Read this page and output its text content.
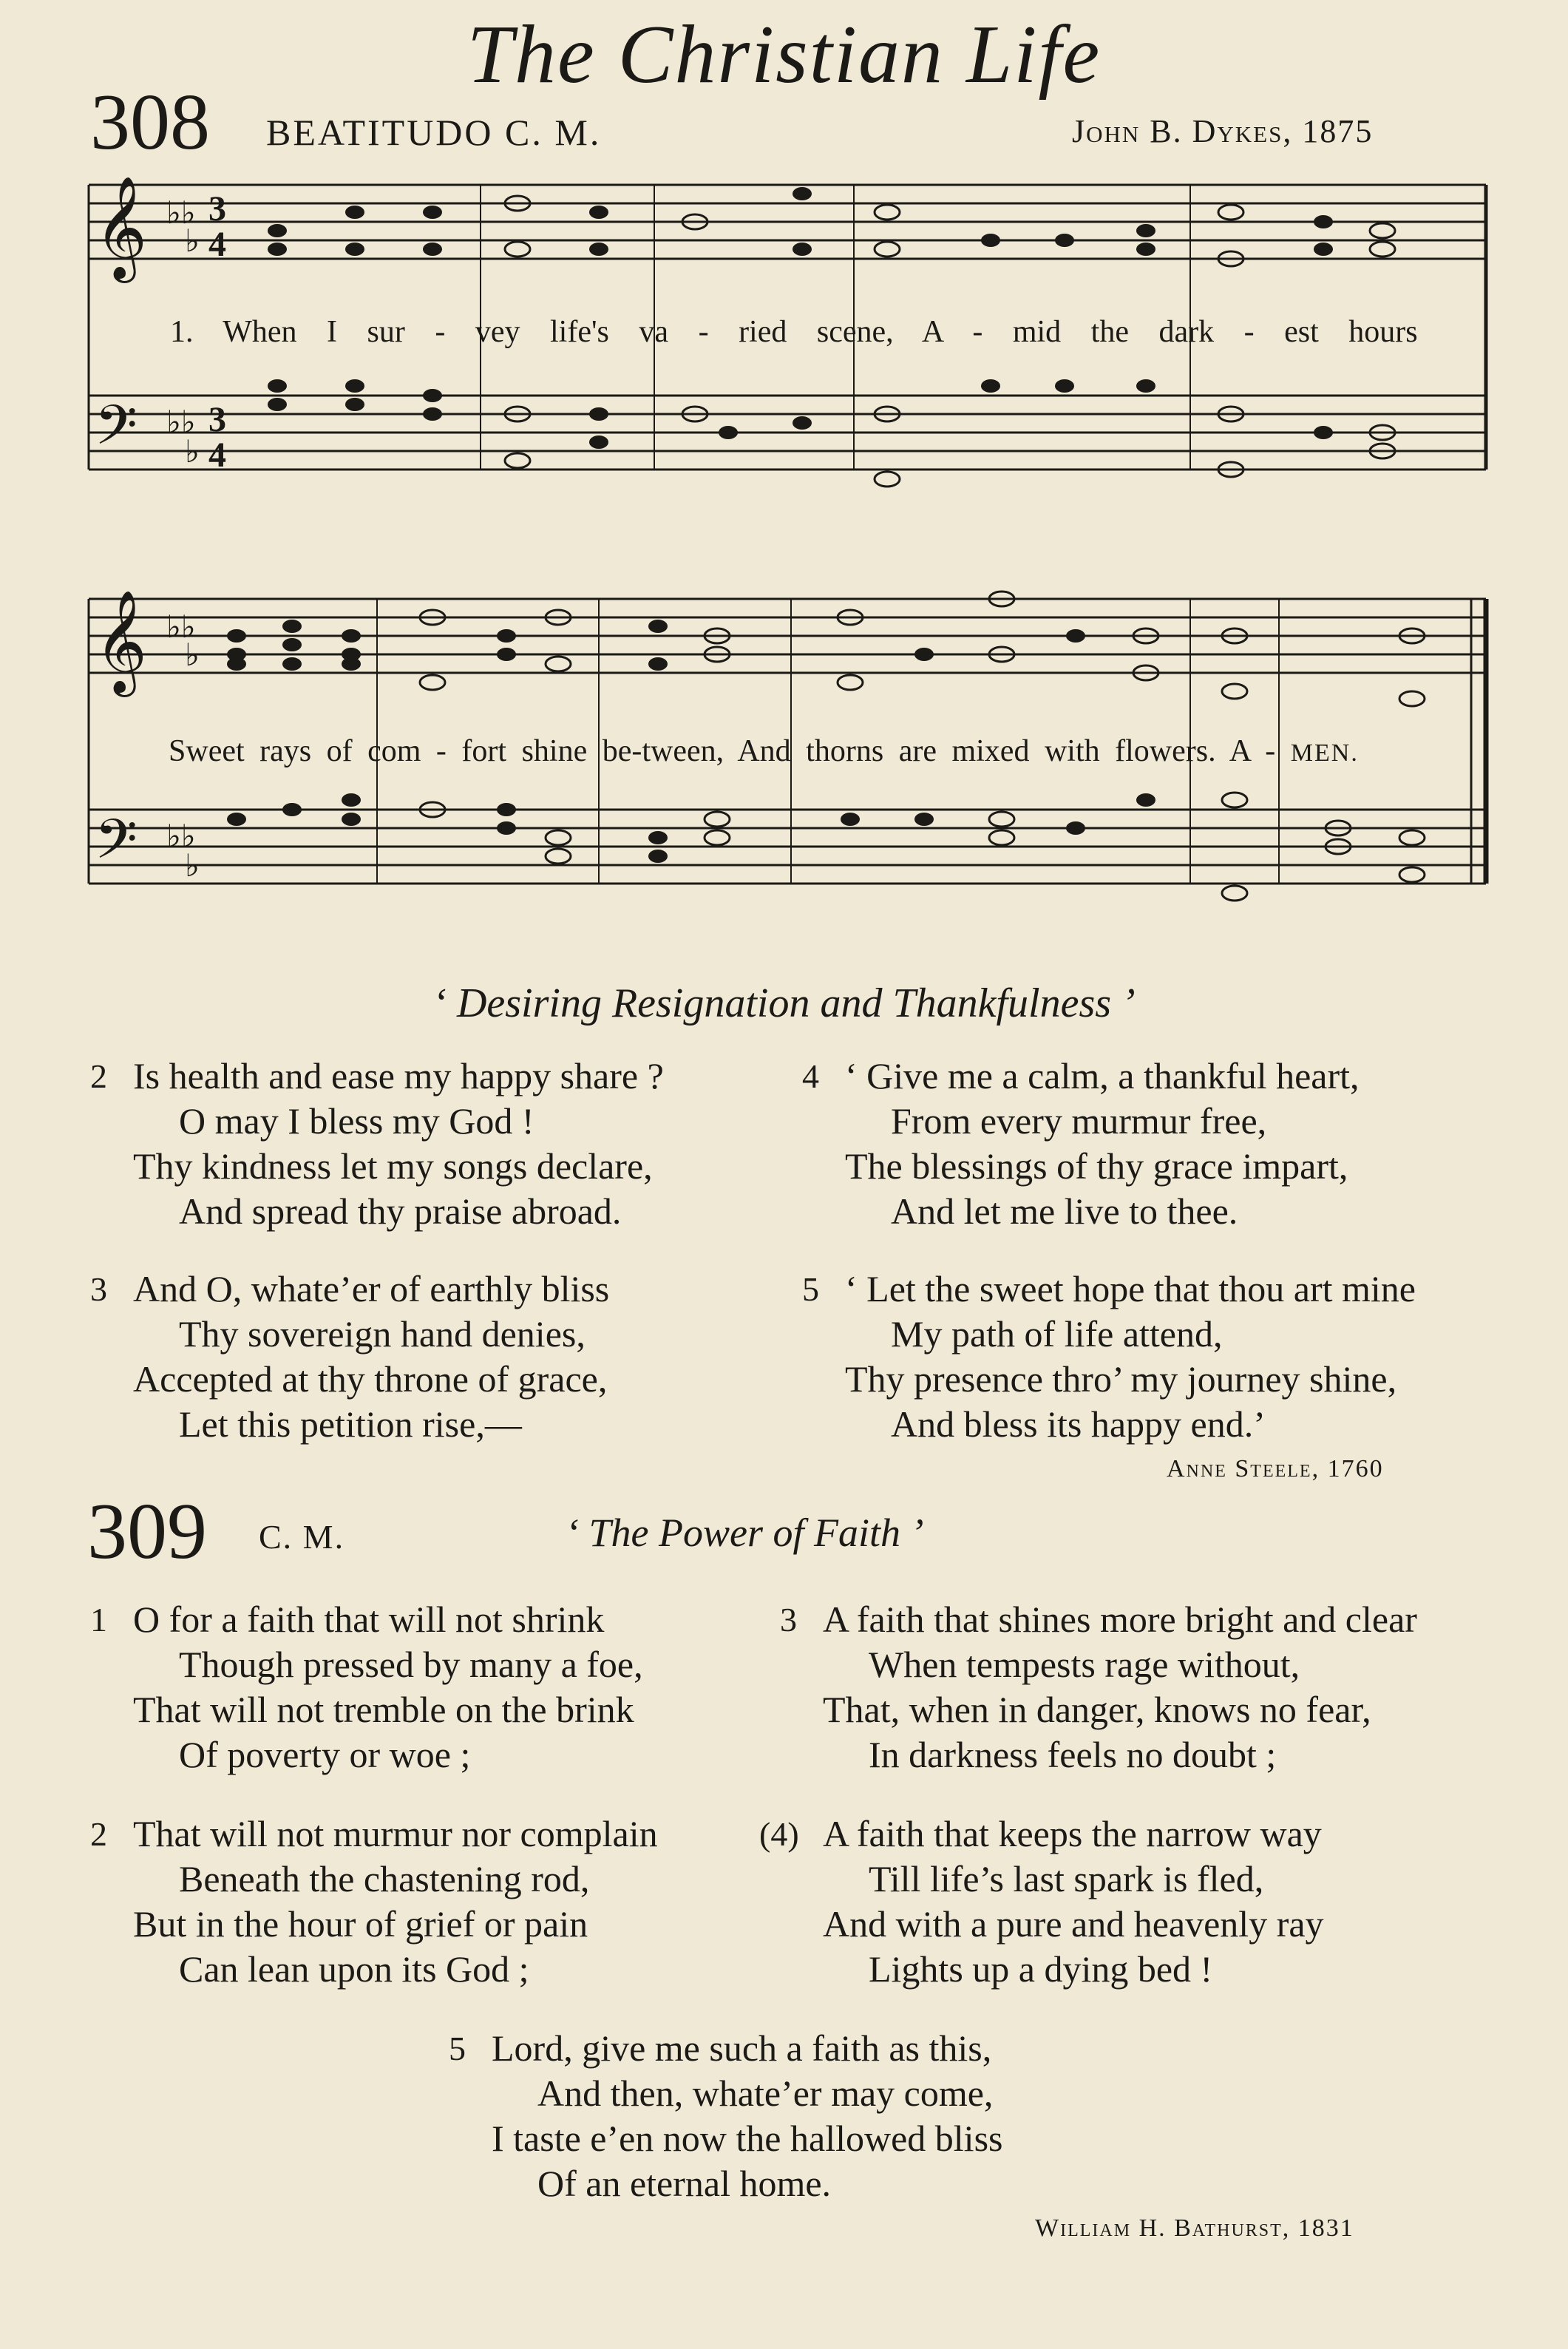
The Christian Life
308 BEATITUDO C. M.	John B. Dykes, 1875
𝄞
𝄢
♭♭
♭
3
4
♭♭
♭
3
4
1. When I sur - vey life's va - ried scene, A - mid the dark - est hours
𝄞
𝄢
♭♭
♭
♭♭
♭
Sweet rays of com - fort shine be-tween, And thorns are mixed with flowers. A - MEN.
‘ Desiring Resignation and Thankfulness ’
2 Is health and ease my happy share ?
O may I bless my God !
Thy kindness let my songs declare,
And spread thy praise abroad.
3 And O, whate’er of earthly bliss
Thy sovereign hand denies,
Accepted at thy throne of grace,
Let this petition rise,—
4 ‘ Give me a calm, a thankful heart,
From every murmur free,
The blessings of thy grace impart,
And let me live to thee.
5 ‘ Let the sweet hope that thou art mine
My path of life attend,
Thy presence thro’ my journey shine,
And bless its happy end.’
Anne Steele, 1760
309 C. M.	‘ The Power of Faith ’
1 O for a faith that will not shrink
Though pressed by many a foe,
That will not tremble on the brink
Of poverty or woe ;
2 That will not murmur nor complain
Beneath the chastening rod,
But in the hour of grief or pain
Can lean upon its God ;
3 A faith that shines more bright and clear
When tempests rage without,
That, when in danger, knows no fear,
In darkness feels no doubt ;
(4) A faith that keeps the narrow way
Till life’s last spark is fled,
And with a pure and heavenly ray
Lights up a dying bed !
5 Lord, give me such a faith as this,
And then, whate’er may come,
I taste e’en now the hallowed bliss
Of an eternal home.
William H. Bathurst, 1831
